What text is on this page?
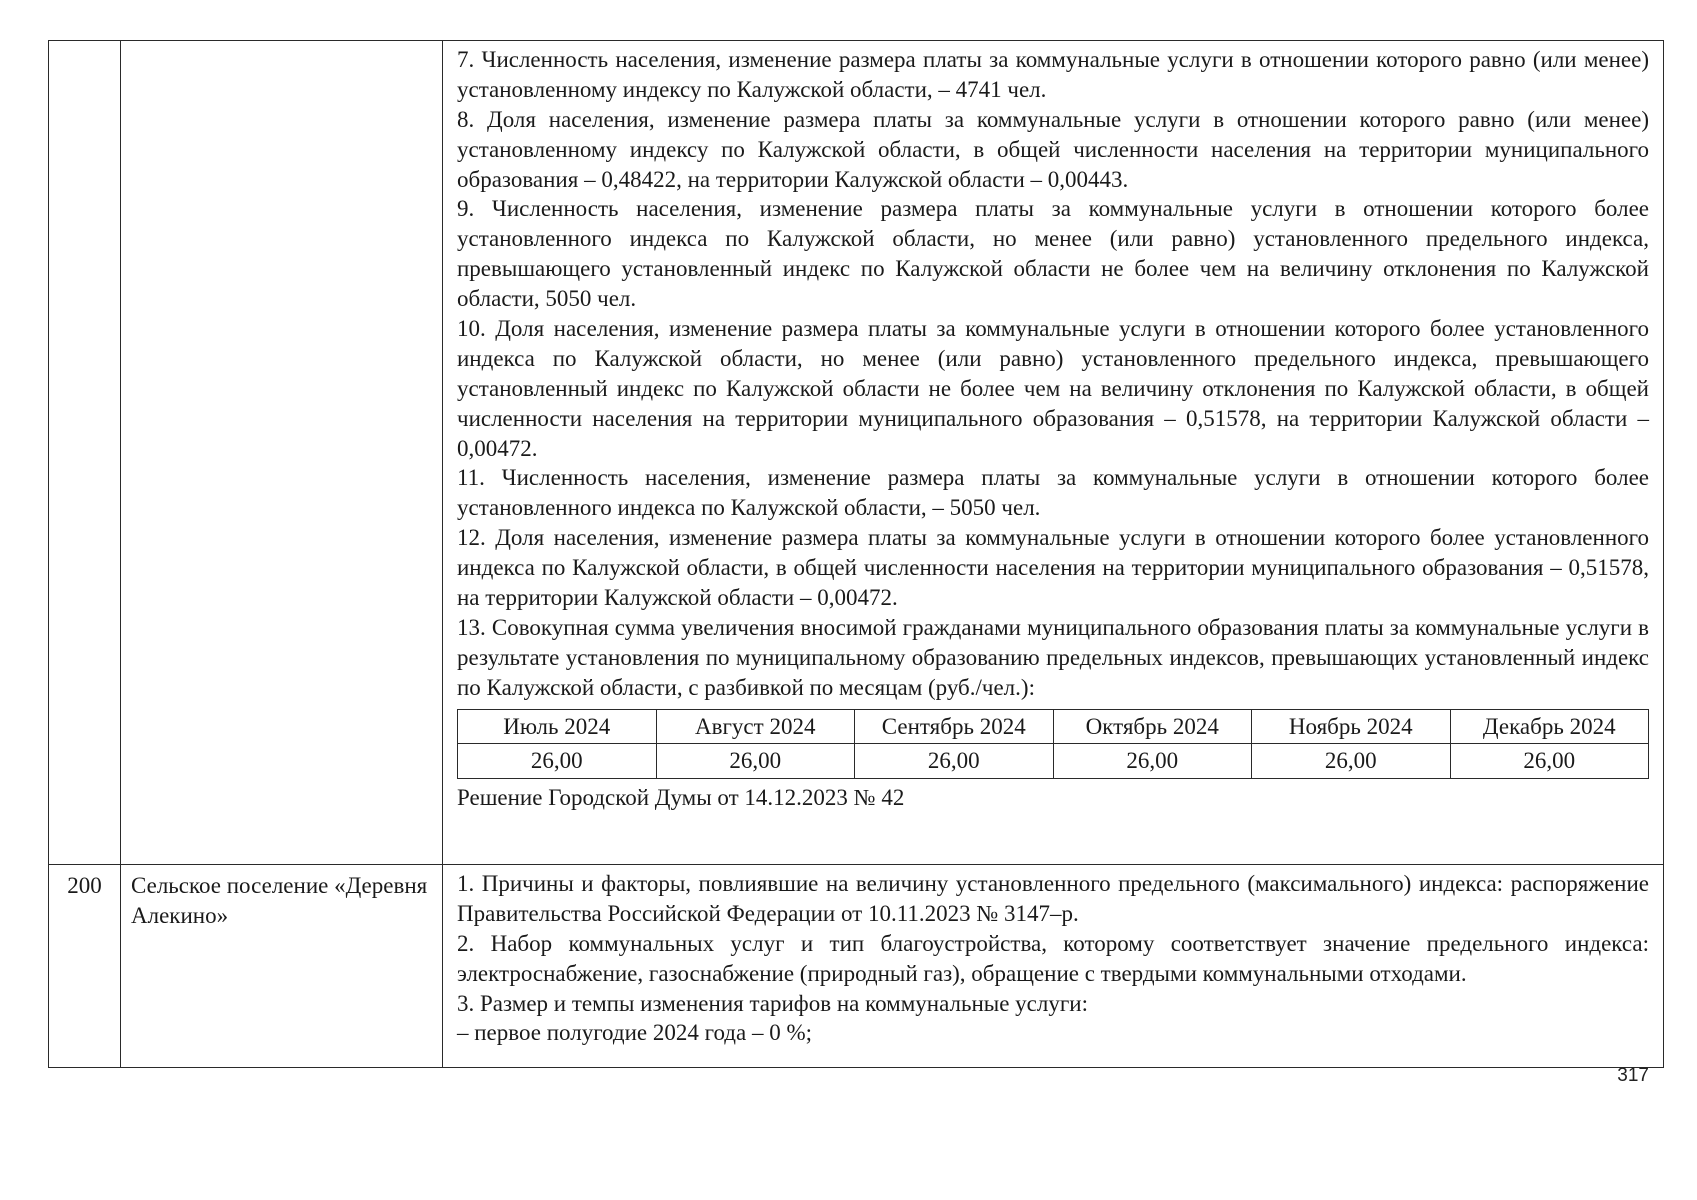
7. Численность населения, изменение размера платы за коммунальные услуги в отношении которого равно (или менее) установленному индексу по Калужской области, – 4741 чел.

8. Доля населения, изменение размера платы за коммунальные услуги в отношении которого равно (или менее) установленному индексу по Калужской области, в общей численности населения на территории муниципального образования – 0,48422, на территории Калужской области – 0,00443.

9. Численность населения, изменение размера платы за коммунальные услуги в отношении которого более установленного индекса по Калужской области, но менее (или равно) установленного предельного индекса, превышающего установленный индекс по Калужской области не более чем на величину отклонения по Калужской области, 5050 чел.

10. Доля населения, изменение размера платы за коммунальные услуги в отношении которого более установленного индекса по Калужской области, но менее (или равно) установленного предельного индекса, превышающего установленный индекс по Калужской области не более чем на величину отклонения по Калужской области, в общей численности населения на территории муниципального образования – 0,51578, на территории Калужской области – 0,00472.

11. Численность населения, изменение размера платы за коммунальные услуги в отношении которого более установленного индекса по Калужской области, – 5050 чел.

12. Доля населения, изменение размера платы за коммунальные услуги в отношении которого более установленного индекса по Калужской области, в общей численности населения на территории муниципального образования – 0,51578, на территории Калужской области – 0,00472.

13. Совокупная сумма увеличения вносимой гражданами муниципального образования платы за коммунальные услуги в результате установления по муниципальному образованию предельных индексов, превышающих установленный индекс по Калужской области, с разбивкой по месяцам (руб./чел.):

Июль 2024	Август 2024	Сентябрь 2024	Октябрь 2024	Ноябрь 2024	Декабрь 2024
26,00	26,00	26,00	26,00	26,00	26,00

Решение Городской Думы от 14.12.2023 № 42

200	Сельское поселение «Деревня Алекино»	

1. Причины и факторы, повлиявшие на величину установленного предельного (максимального) индекса: распоряжение Правительства Российской Федерации от 10.11.2023 № 3147–р.

2. Набор коммунальных услуг и тип благоустройства, которому соответствует значение предельного индекса: электроснабжение, газоснабжение (природный газ), обращение с твердыми коммунальными отходами.

3. Размер и темпы изменения тарифов на коммунальные услуги:

– первое полугодие 2024 года – 0 %;

317
